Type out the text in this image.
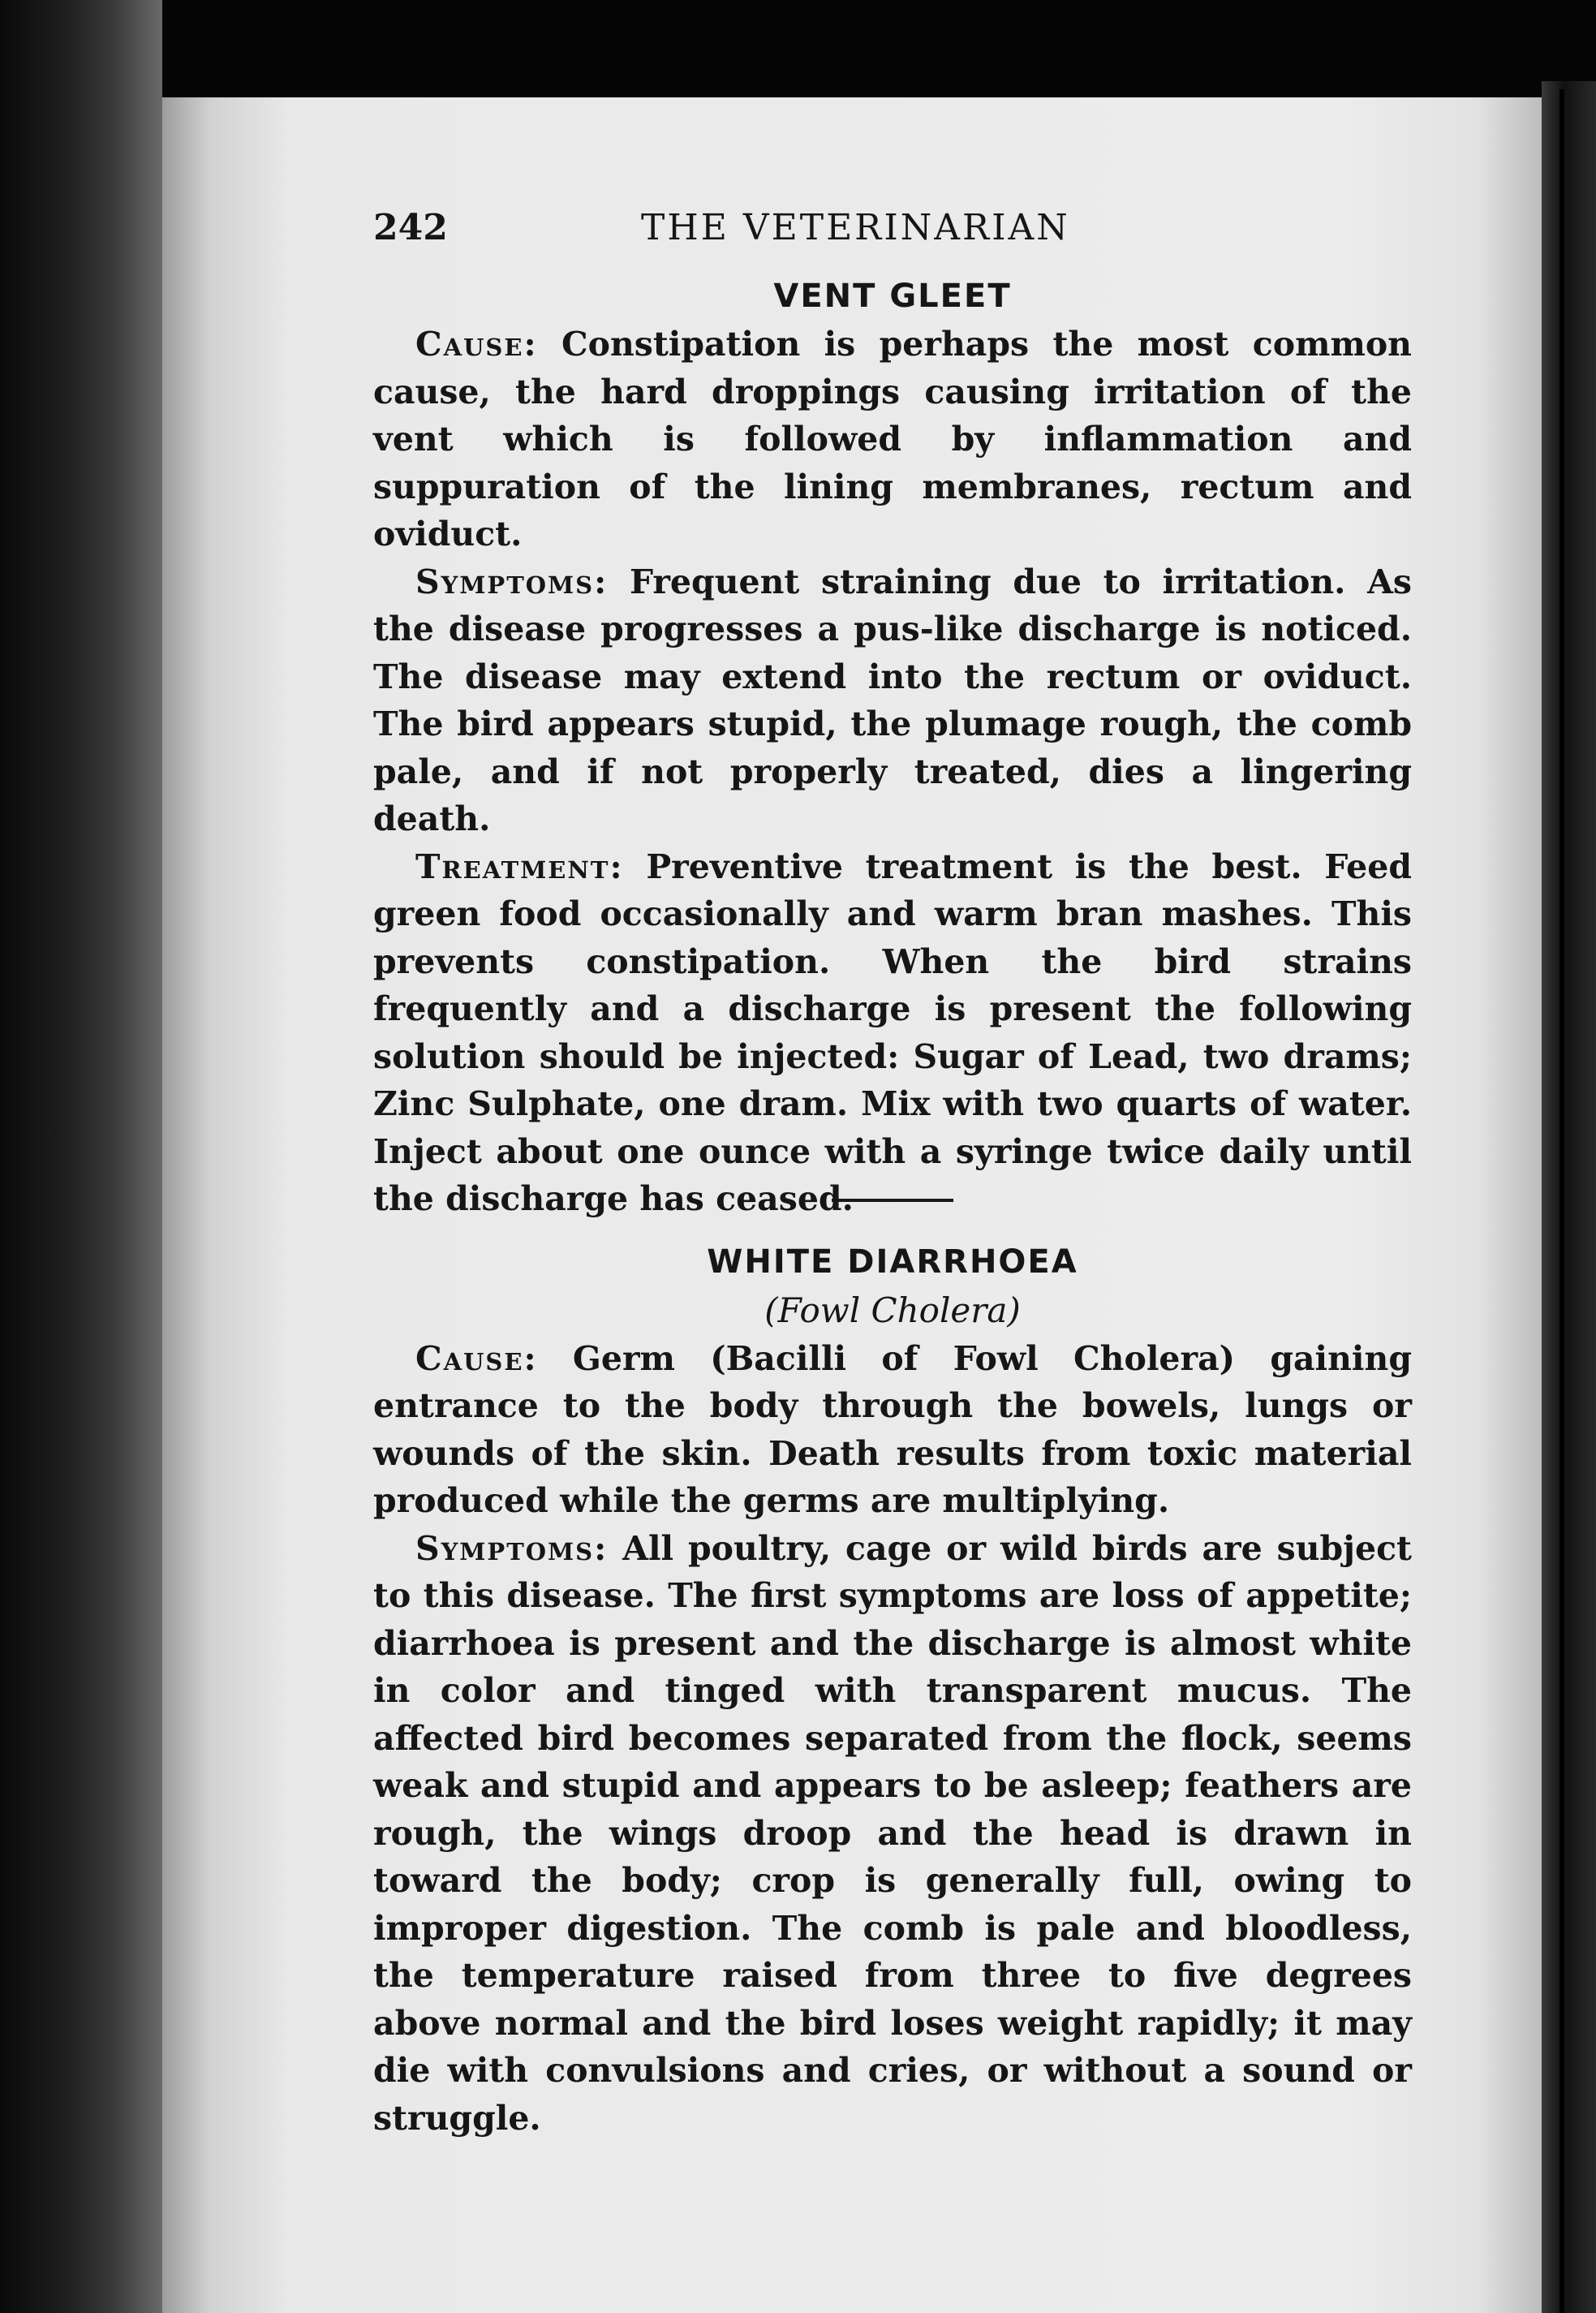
242	THE VETERINARIAN
VENT GLEET

Cause: Constipation is perhaps the most common cause, the hard droppings causing irritation of the vent which is followed by inflammation and suppuration of the lining membranes, rectum and oviduct.

Symptoms: Frequent straining due to irritation. As the disease progresses a pus-like discharge is noticed. The disease may extend into the rectum or oviduct. The bird appears stupid, the plumage rough, the comb pale, and if not properly treated, dies a lingering death.

Treatment: Preventive treatment is the best. Feed green food occasionally and warm bran mashes. This prevents constipation. When the bird strains frequently and a discharge is present the following solution should be injected: Sugar of Lead, two drams; Zinc Sulphate, one dram. Mix with two quarts of water. Inject about one ounce with a syringe twice daily until the discharge has ceased.

WHITE DIARRHOEA
(Fowl Cholera)

Cause: Germ (Bacilli of Fowl Cholera) gaining entrance to the body through the bowels, lungs or wounds of the skin. Death results from toxic material produced while the germs are multiplying.

Symptoms: All poultry, cage or wild birds are subject to this disease. The first symptoms are loss of appetite; diarrhoea is present and the discharge is almost white in color and tinged with transparent mucus. The affected bird becomes separated from the flock, seems weak and stupid and appears to be asleep; feathers are rough, the wings droop and the head is drawn in toward the body; crop is generally full, owing to improper digestion. The comb is pale and bloodless, the temperature raised from three to five degrees above normal and the bird loses weight rapidly; it may die with convulsions and cries, or without a sound or struggle.
